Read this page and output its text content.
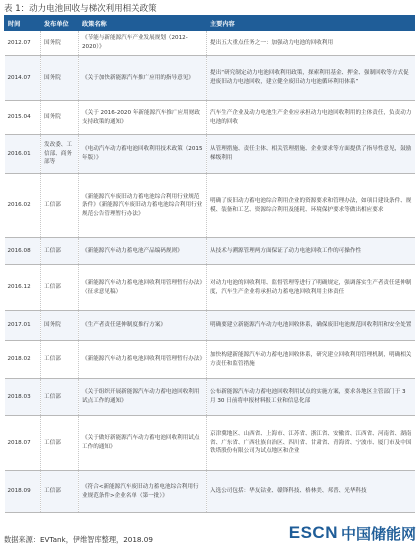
表 1：动力电池回收与梯次利用相关政策
时间	发布单位	政策名称	主要内容
2012.07	国务院	《节能与新能源汽车产业发展规划（2012-2020）》	提出五大重点任务之一：加强动力电池的回收利用
2014.07	国务院	《关于加快新能源汽车推广应用的指导意见》	提出“研究制定动力电池回收利用政策，探索利用基金、押金、强制回收等方式促进废旧动力电池回收，建立健全废旧动力电池循环利用体系”
2015.04	国务院	《关于 2016-2020 年新能源汽车推广应用财政支持政策的通知》	汽车生产企业及动力电池生产企业应承担动力电池回收利用的主体责任，负责动力电池的回收
2016.01	发改委、工信部、商务部等	《电动汽车动力蓄电池回收利用技术政策（2015 年版）》	从管理措施、责任主体、相关管理措施、企业要求等方面提供了指导性意见，鼓励梯级利用
2016.02	工信部	《新能源汽车废旧动力蓄电池综合利用行业规范条件》《新能源汽车废旧动力蓄电池综合利用行业规范公告管理暂行办法》	明确了废旧动力蓄电池综合利用企业的资源要求和管理办法，如项目建设条件、规模、装备和工艺、资源综合利用及能耗、环境保护要求等做出相应要求
2016.08	工信部	《新能源汽车动力蓄电池产品编码规则》	从技术与溯源管理两方面保证了动力电池回收工作的可操作性
2016.12	工信部	《新能源汽车动力蓄电池回收利用管理暂行办法》（征求意见稿）	对动力电池的回收利用、监督管理等进行了明确规定，强调落实生产者责任延伸制度，汽车生产企业将承担动力蓄电池回收利用主体责任
2017.01	国务院	《生产者责任延伸制度推行方案》	明确要建立新能源汽车动力电池回收体系，确保废旧电池规范回收利用和安全处置
2018.02	工信部	《新能源汽车动力蓄电池回收利用管理暂行办法》	加快构建新能源汽车动力蓄电池回收体系，研究建立回收利用管理机制，明确相关方责任和监管措施
2018.03	工信部	《关于组织开展新能源汽车动力蓄电池回收利用试点工作的通知》	公布新能源汽车动力蓄电池回收利用试点的实施方案，要求各地区主管部门于 3 月 30 日前将申报材料报工业和信息化部
2018.07	工信部	《关于做好新能源汽车动力蓄电池回收利用试点工作的通知》	京津冀地区、山西省、上海市、江苏省、浙江省、安徽省、江西省、河南省、湖南省、广东省、广西壮族自治区、四川省、甘肃省、青海省、宁波市、厦门市及中国铁塔股份有限公司为试点地区和企业
2018.09	工信部	《符合<新能源汽车废旧动力蓄电池综合利用行业规范条件>企业名单（第一批）》	入选公司包括：华友钴业、赣锋科技、格林美、邦普、光华科技
数据来源：EVTank，伊维智库整理，2018.09	ESCN 中国储能网
